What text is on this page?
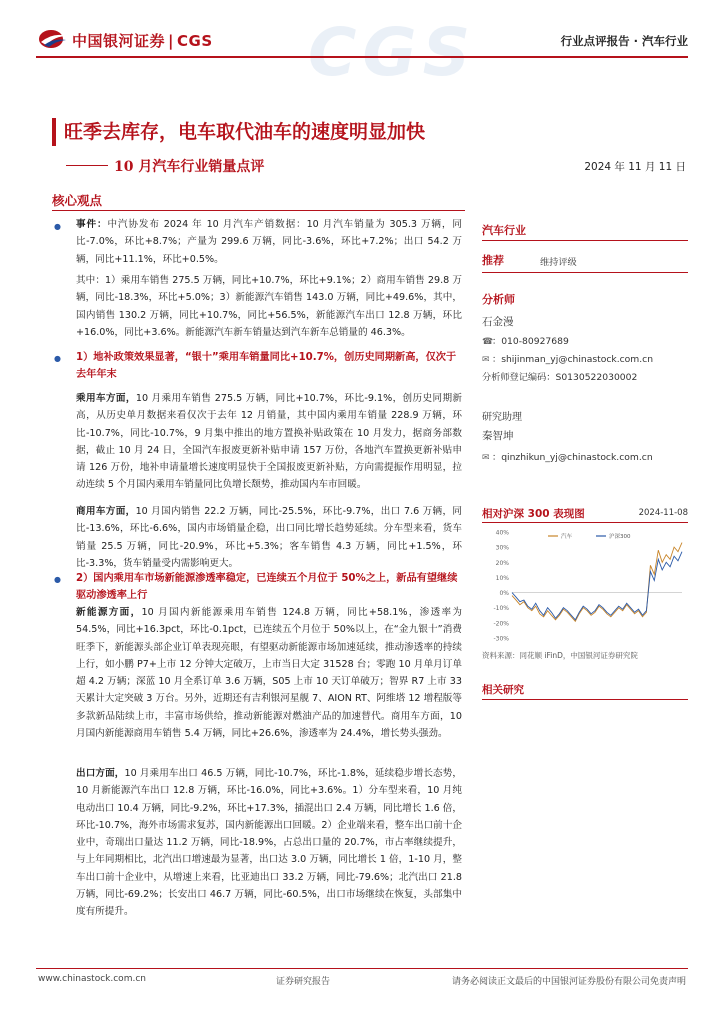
CGS
中国银河证券 | CGS	行业点评报告 · 汽车行业
旺季去库存，电车取代油车的速度明显加快
10 月汽车行业销量点评	2024 年 11 月 11 日
核心观点
● 事件：中汽协发布 2024 年 10 月汽车产销数据：10 月汽车销量为 305.3 万辆，同比-7.0%，环比+8.7%；产量为 299.6 万辆，同比-3.6%，环比+7.2%；出口 54.2 万辆，同比+11.1%，环比+0.5%。
其中：1）乘用车销售 275.5 万辆，同比+10.7%，环比+9.1%；2）商用车销售 29.8 万辆，同比-18.3%，环比+5.0%；3）新能源汽车销售 143.0 万辆，同比+49.6%，其中，国内销售 130.2 万辆，同比+10.7%，同比+56.5%，新能源汽车出口 12.8 万辆，环比+16.0%，同比+3.6%。新能源汽车新车销量达到汽车新车总销量的 46.3%。
● 1）地补政策效果显著，“银十”乘用车销量同比+10.7%，创历史同期新高，仅次于去年年末
乘用车方面，10 月乘用车销售 275.5 万辆，同比+10.7%，环比-9.1%，创历史同期新高，从历史单月数据来看仅次于去年 12 月销量，其中国内乘用车销量 228.9 万辆，环比-10.7%，同比-10.7%，9 月集中推出的地方置换补贴政策在 10 月发力，据商务部数据，截止 10 月 24 日，全国汽车报废更新补贴申请 157 万份，各地汽车置换更新补贴申请 126 万份，地补申请量增长速度明显快于全国报废更新补贴，方向需提振作用明显，拉动连续 5 个月国内乘用车销量同比负增长颓势，推动国内车市回暖。
商用车方面，10 月国内销售 22.2 万辆，同比-25.5%，环比-9.7%，出口 7.6 万辆，同比-13.6%，环比-6.6%，国内市场销量企稳，出口同比增长趋势延续。分车型来看，货车销量 25.5 万辆，同比-20.9%，环比+5.3%；客车销售 4.3 万辆，同比+1.5%，环比-3.3%，货车销量受内需影响更大。
● 2）国内乘用车市场新能源渗透率稳定，已连续五个月位于 50%之上，新品有望继续驱动渗透率上行
新能源方面，10 月国内新能源乘用车销售 124.8 万辆，同比+58.1%，渗透率为 54.5%，同比+16.3pct，环比-0.1pct，已连续五个月位于 50%以上，在“金九银十”消费旺季下，新能源头部企业订单表现亮眼，有望驱动新能源市场加速延续，推动渗透率的持续上行，如小鹏 P7+上市 12 分钟大定破万，上市当日大定 31528 台；零跑 10 月单月订单超 4.2 万辆；深蓝 10 月全系订单 3.6 万辆，S05 上市 10 天订单破万；智界 R7 上市 33 天累计大定突破 3 万台。另外，近期还有吉利银河星舰 7、AION RT、阿维塔 12 增程版等多款新品陆续上市，丰富市场供给，推动新能源对燃油产品的加速替代。商用车方面，10 月国内新能源商用车销售 5.4 万辆，同比+26.6%，渗透率为 24.4%，增长势头强劲。
出口方面，10 月乘用车出口 46.5 万辆，同比-10.7%，环比-1.8%，延续稳步增长态势，10 月新能源汽车出口 12.8 万辆，环比-16.0%，同比+3.6%。1）分车型来看，10 月纯电动出口 10.4 万辆，同比-9.2%，环比+17.3%，插混出口 2.4 万辆，同比增长 1.6 倍，环比-10.7%，海外市场需求复苏，国内新能源出口回暖。2）企业端来看，整车出口前十企业中，奇瑞出口量达 11.2 万辆，同比-18.9%，占总出口量的 20.7%，市占率继续提升，与上年同期相比，北汽出口增速最为显著，出口达 3.0 万辆，同比增长 1 倍，1-10 月，整车出口前十企业中，从增速上来看，比亚迪出口 33.2 万辆，同比-79.6%；北汽出口 21.8 万辆，同比-69.2%；长安出口 46.7 万辆，同比-60.5%，出口市场继续在恢复，头部集中度有所提升。
汽车行业
推荐	维持评级
分析师
石金漫
☎：010-80927689
✉ ：shijinman_yj@chinastock.com.cn
分析师登记编码：S0130522030002
研究助理
秦智坤
✉ ：qinzhikun_yj@chinastock.com.cn
相对沪深 300 表现图	2024-11-08
40%
30%
20%
10%
0%
-10%
-20%
-30%
汽车	沪深300
资料来源：同花顺 iFinD，中国银河证券研究院
相关研究
www.chinastock.com.cn	证券研究报告	请务必阅读正文最后的中国银河证券股份有限公司免责声明
